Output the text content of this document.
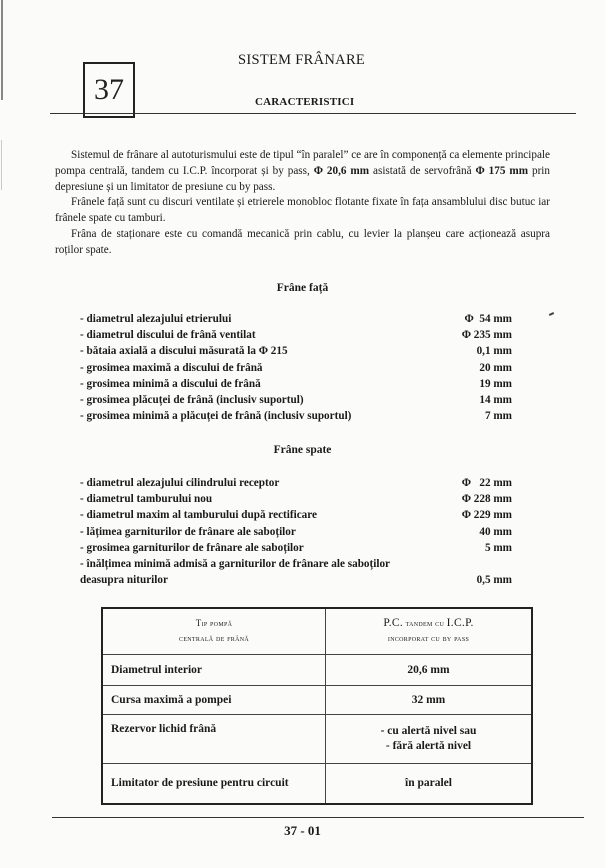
37
SISTEM FRÂNARE
CARACTERISTICI

Sistemul de frânare al autoturismului este de tipul “în paralel” ce are în componență ca elemente principale pompa centrală, tandem cu I.C.P. încorporat și by pass, Φ 20,6 mm asistată de servofrână Φ 175 mm prin depresiune și un limitator de presiune cu by pass.

Frânele față sunt cu discuri ventilate și etrierele monobloc flotante fixate în fața ansamblului disc butuc iar frânele spate cu tamburi.

Frâna de staționare este cu comandă mecanică prin cablu, cu levier la planșeu care acționează asupra roților spate.

Frâne față
- diametrul alezajului etrierului	Φ  54 mm
- diametrul discului de frână ventilat	Φ 235 mm
- bătaia axială a discului măsurată la Φ 215	0,1 mm
- grosimea maximă a discului de frână	20 mm
- grosimea minimă a discului de frână	19 mm
- grosimea plăcuței de frână (inclusiv suportul)	14 mm
- grosimea minimă a plăcuței de frână (inclusiv suportul)	7 mm
Frâne spate
- diametrul alezajului cilindrului receptor	Φ   22 mm
- diametrul tamburului nou	Φ 228 mm
- diametrul maxim al tamburului după rectificare	Φ 229 mm
- lățimea garniturilor de frânare ale saboților	40 mm
- grosimea garniturilor de frânare ale saboților	5 mm
- înălțimea minimă admisă a garniturilor de frânare ale saboților deasupra niturilor	0,5 mm
Tip pompă
centrală de frână

P.C. tandem cu I.C.P.
incorporat cu by pass

Diametrul interior	20,6 mm
Cursa maximă a pompei	32 mm
Rezervor lichid frână	- cu alertă nivel sau
- fără alertă nivel

Limitator de presiune pentru circuit	în paralel
37 - 01
